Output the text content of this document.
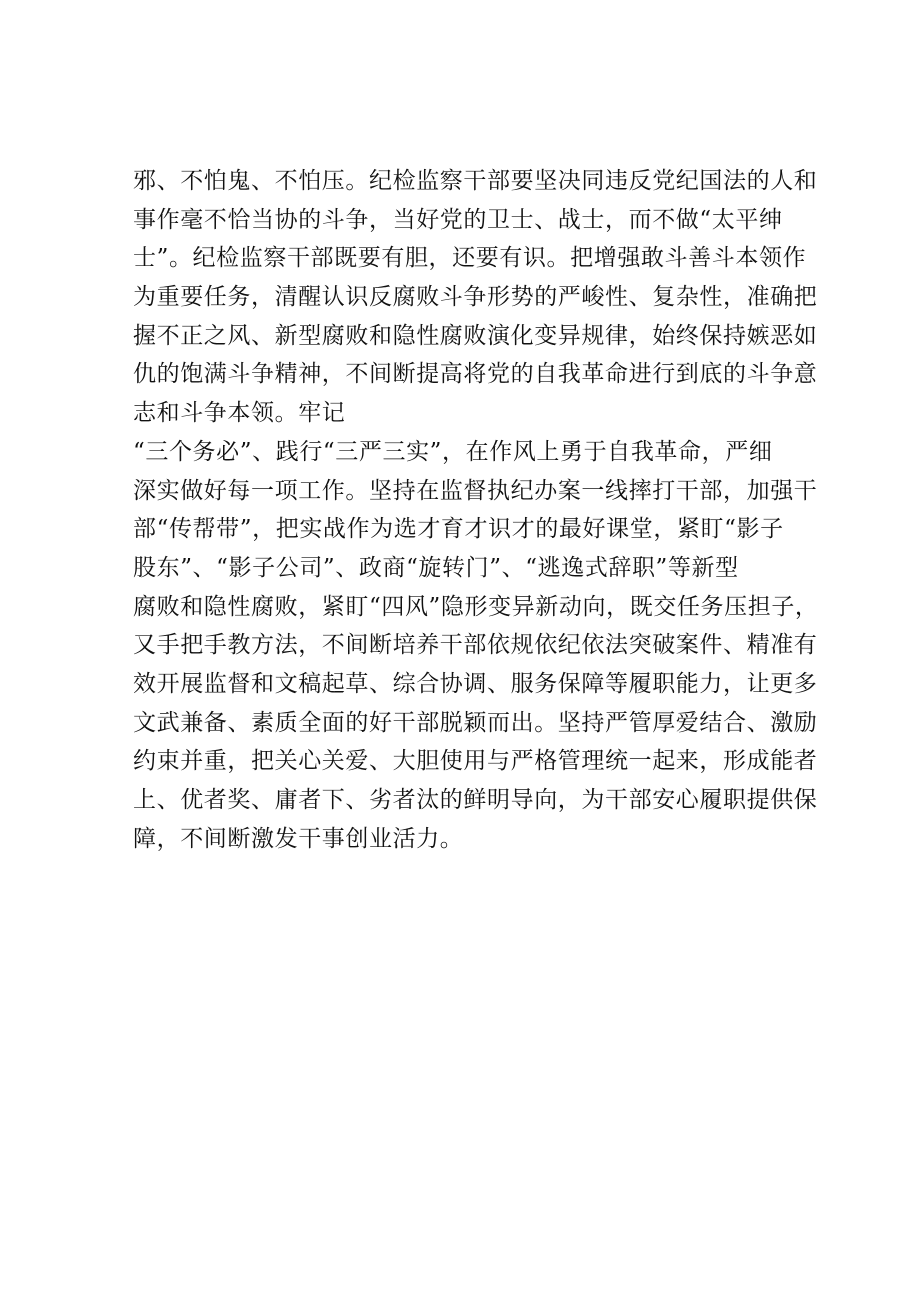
邪、不怕鬼、不怕压。纪检监察干部要坚决同违反党纪国法的人和
事作毫不恰当协的斗争，当好党的卫士、战士，而不做“太平绅
士”。纪检监察干部既要有胆，还要有识。把增强敢斗善斗本领作
为重要任务，清醒认识反腐败斗争形势的严峻性、复杂性，准确把
握不正之风、新型腐败和隐性腐败演化变异规律，始终保持嫉恶如
仇的饱满斗争精神，不间断提高将党的自我革命进行到底的斗争意
志和斗争本领。牢记
“三个务必”、践行“三严三实”，在作风上勇于自我革命，严细
深实做好每一项工作。坚持在监督执纪办案一线摔打干部，加强干
部“传帮带”，把实战作为选才育才识才的最好课堂，紧盯“影子
股东”、“影子公司”、政商“旋转门”、“逃逸式辞职”等新型
腐败和隐性腐败，紧盯“四风”隐形变异新动向，既交任务压担子，
又手把手教方法，不间断培养干部依规依纪依法突破案件、精准有
效开展监督和文稿起草、综合协调、服务保障等履职能力，让更多
文武兼备、素质全面的好干部脱颖而出。坚持严管厚爱结合、激励
约束并重，把关心关爱、大胆使用与严格管理统一起来，形成能者
上、优者奖、庸者下、劣者汰的鲜明导向，为干部安心履职提供保
障，不间断激发干事创业活力。
